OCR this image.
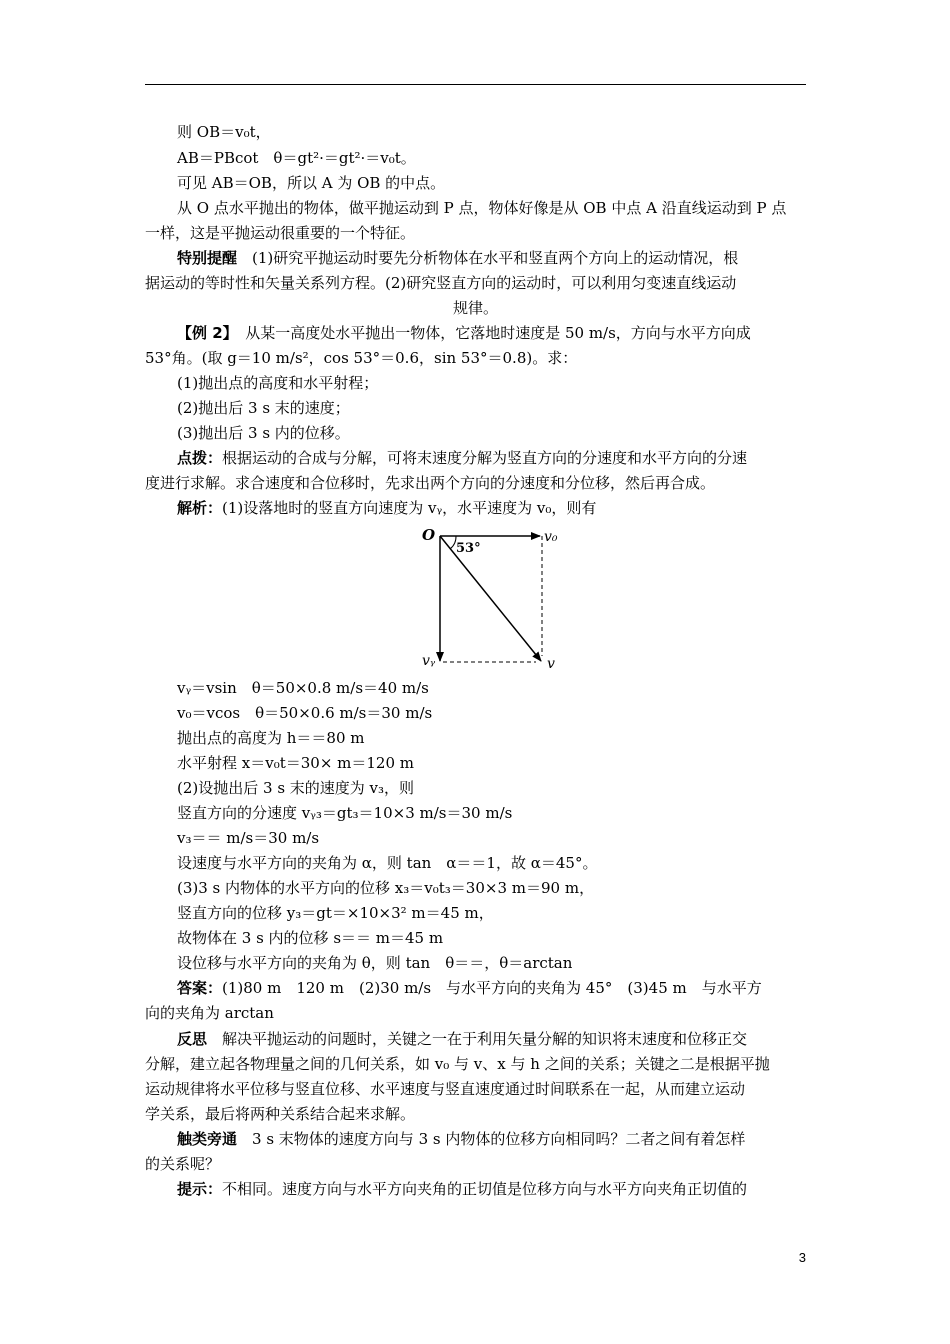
则 OB＝v₀t，
AB＝PBcot　θ＝gt²·＝gt²·＝v₀t。
可见 AB＝OB，所以 A 为 OB 的中点。
从 O 点水平抛出的物体，做平抛运动到 P 点，物体好像是从 OB 中点 A 沿直线运动到 P 点
一样，这是平抛运动很重要的一个特征。
特别提醒　 (1)研究平抛运动时要先分析物体在水平和竖直两个方向上的运动情况，根
据运动的等时性和矢量关系列方程。(2)研究竖直方向的运动时，可以利用匀变速直线运动
规律。
【例 2】　 从某一高度处水平抛出一物体，它落地时速度是 50 m/s，方向与水平方向成
53°角。(取 g＝10 m/s²，cos 53°＝0.6，sin 53°＝0.8)。求：
(1)抛出点的高度和水平射程；
(2)抛出后 3 s 末的速度；
(3)抛出后 3 s 内的位移。
点拨：根据运动的合成与分解，可将末速度分解为竖直方向的分速度和水平方向的分速
度进行求解。求合速度和合位移时，先求出两个方向的分速度和分位移，然后再合成。
解析：(1)设落地时的竖直方向速度为 vᵧ，水平速度为 v₀，则有
O
53°
v₀
vᵧ	v
vᵧ＝vsin　θ＝50×0.8 m/s＝40 m/s
v₀＝vcos　θ＝50×0.6 m/s＝30 m/s
抛出点的高度为 h＝＝80 m
水平射程 x＝v₀t＝30× m＝120 m
(2)设抛出后 3 s 末的速度为 v₃，则
竖直方向的分速度 vᵧ₃＝gt₃＝10×3 m/s＝30 m/s
v₃＝＝ m/s＝30 m/s
设速度与水平方向的夹角为 α，则 tan　α＝＝1，故 α＝45°。
(3)3 s 内物体的水平方向的位移 x₃＝v₀t₃＝30×3 m＝90 m，
竖直方向的位移 y₃＝gt＝×10×3² m＝45 m，
故物体在 3 s 内的位移 s＝＝ m＝45 m
设位移与水平方向的夹角为 θ，则 tan　θ＝＝，θ＝arctan
答案：(1)80 m　120 m　(2)30 m/s　与水平方向的夹角为 45°　(3)45 m　与水平方
向的夹角为 arctan
反思　 解决平抛运动的问题时，关键之一在于利用矢量分解的知识将末速度和位移正交
分解，建立起各物理量之间的几何关系，如 v₀ 与 v、x 与 h 之间的关系；关键之二是根据平抛
运动规律将水平位移与竖直位移、水平速度与竖直速度通过时间联系在一起，从而建立运动
学关系，最后将两种关系结合起来求解。
触类旁通　 3 s 末物体的速度方向与 3 s 内物体的位移方向相同吗？二者之间有着怎样
的关系呢？
提示：不相同。速度方向与水平方向夹角的正切值是位移方向与水平方向夹角正切值的
3
